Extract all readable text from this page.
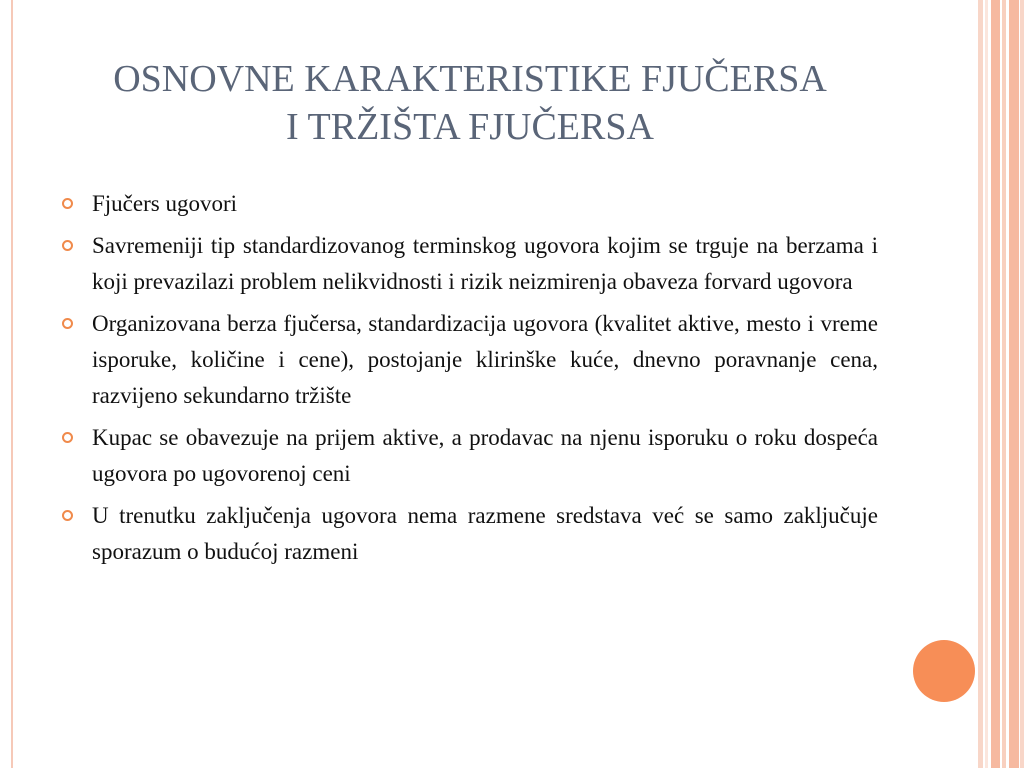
OSNOVNE KARAKTERISTIKE FJUČERSA
I TRŽIŠTA FJUČERSA
Fjučers ugovori
Savremeniji tip standardizovanog terminskog ugovora kojim se trguje na berzama i koji prevazilazi problem nelikvidnosti i rizik neizmirenja obaveza forvard ugovora
Organizovana berza fjučersa, standardizacija ugovora (kvalitet aktive, mesto i vreme isporuke, količine i cene), postojanje klirinške kuće, dnevno poravnanje cena, razvijeno sekundarno tržište
Kupac se obavezuje na prijem aktive, a prodavac na njenu isporuku o roku dospeća ugovora po ugovorenoj ceni
U trenutku zaključenja ugovora nema razmene sredstava već se samo zaključuje sporazum o budućoj razmeni
